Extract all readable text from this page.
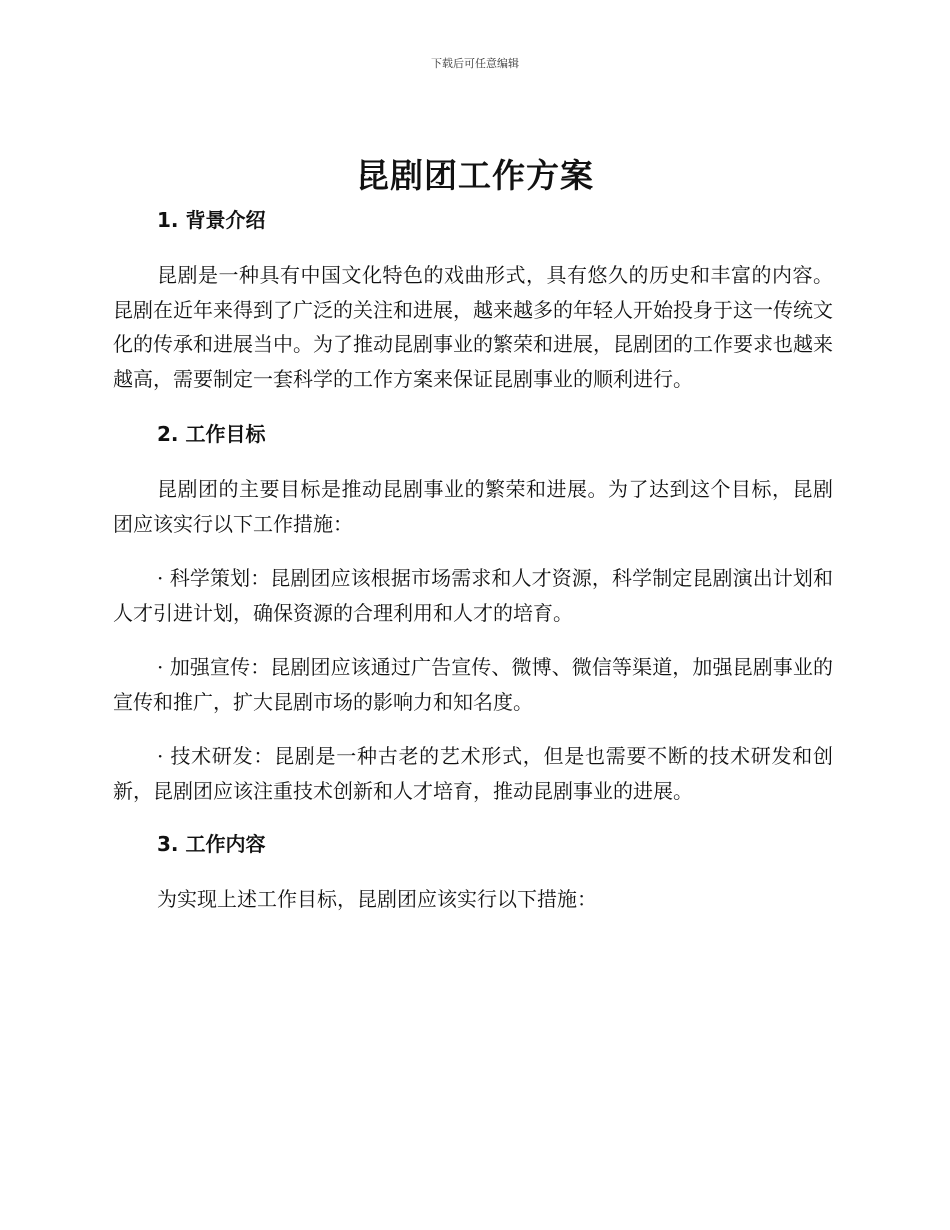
下载后可任意编辑
昆剧团工作方案
1. 背景介绍

昆剧是一种具有中国文化特色的戏曲形式，具有悠久的历史和丰富的内容。昆剧在近年来得到了广泛的关注和进展，越来越多的年轻人开始投身于这一传统文化的传承和进展当中。为了推动昆剧事业的繁荣和进展，昆剧团的工作要求也越来越高，需要制定一套科学的工作方案来保证昆剧事业的顺利进行。

2. 工作目标

昆剧团的主要目标是推动昆剧事业的繁荣和进展。为了达到这个目标，昆剧团应该实行以下工作措施：

· 科学策划：昆剧团应该根据市场需求和人才资源，科学制定昆剧演出计划和人才引进计划，确保资源的合理利用和人才的培育。

· 加强宣传：昆剧团应该通过广告宣传、微博、微信等渠道，加强昆剧事业的宣传和推广，扩大昆剧市场的影响力和知名度。

· 技术研发：昆剧是一种古老的艺术形式，但是也需要不断的技术研发和创新，昆剧团应该注重技术创新和人才培育，推动昆剧事业的进展。

3. 工作内容

为实现上述工作目标，昆剧团应该实行以下措施：
